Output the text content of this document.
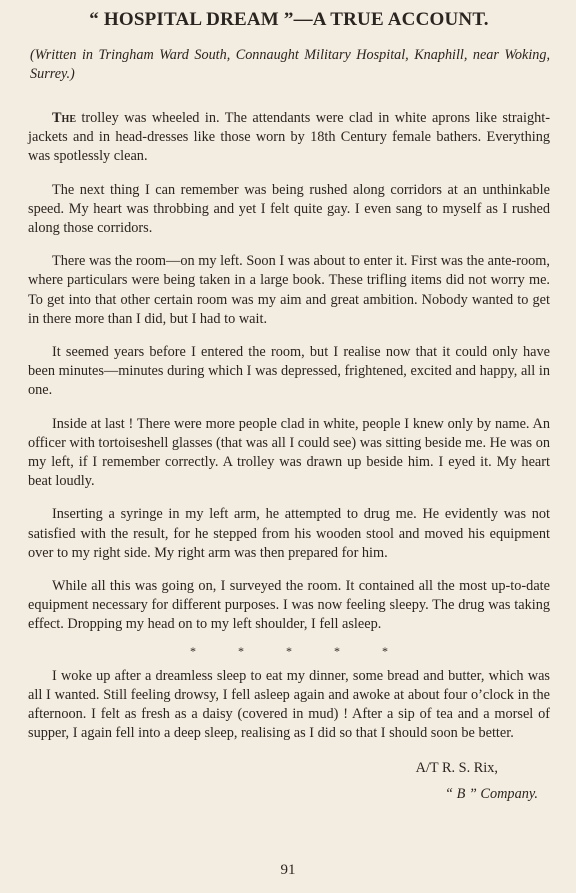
“ HOSPITAL DREAM ”—A TRUE ACCOUNT.

(Written in Tringham Ward South, Connaught Military Hospital, Knaphill, near Woking, Surrey.)

The trolley was wheeled in. The attendants were clad in white aprons like straight-jackets and in head-dresses like those worn by 18th Century female bathers. Everything was spotlessly clean.

The next thing I can remember was being rushed along corridors at an unthinkable speed. My heart was throbbing and yet I felt quite gay. I even sang to myself as I rushed along those corridors.

There was the room—on my left. Soon I was about to enter it. First was the ante-room, where particulars were being taken in a large book. These trifling items did not worry me. To get into that other certain room was my aim and great ambition. Nobody wanted to get in there more than I did, but I had to wait.

It seemed years before I entered the room, but I realise now that it could only have been minutes—minutes during which I was depressed, frightened, excited and happy, all in one.

Inside at last ! There were more people clad in white, people I knew only by name. An officer with tortoiseshell glasses (that was all I could see) was sitting beside me. He was on my left, if I remember correctly. A trolley was drawn up beside him. I eyed it. My heart beat loudly.

Inserting a syringe in my left arm, he attempted to drug me. He evidently was not satisfied with the result, for he stepped from his wooden stool and moved his equipment over to my right side. My right arm was then prepared for him.

While all this was going on, I surveyed the room. It contained all the most up-to-date equipment necessary for different purposes. I was now feeling sleepy. The drug was taking effect. Dropping my head on to my left shoulder, I fell asleep.

*	*	*	*	*

I woke up after a dreamless sleep to eat my dinner, some bread and butter, which was all I wanted. Still feeling drowsy, I fell asleep again and awoke at about four o’clock in the afternoon. I felt as fresh as a daisy (covered in mud) ! After a sip of tea and a morsel of supper, I again fell into a deep sleep, realising as I did so that I should soon be better.

A/T R. S. Rix,
“ B ” Company.
91
